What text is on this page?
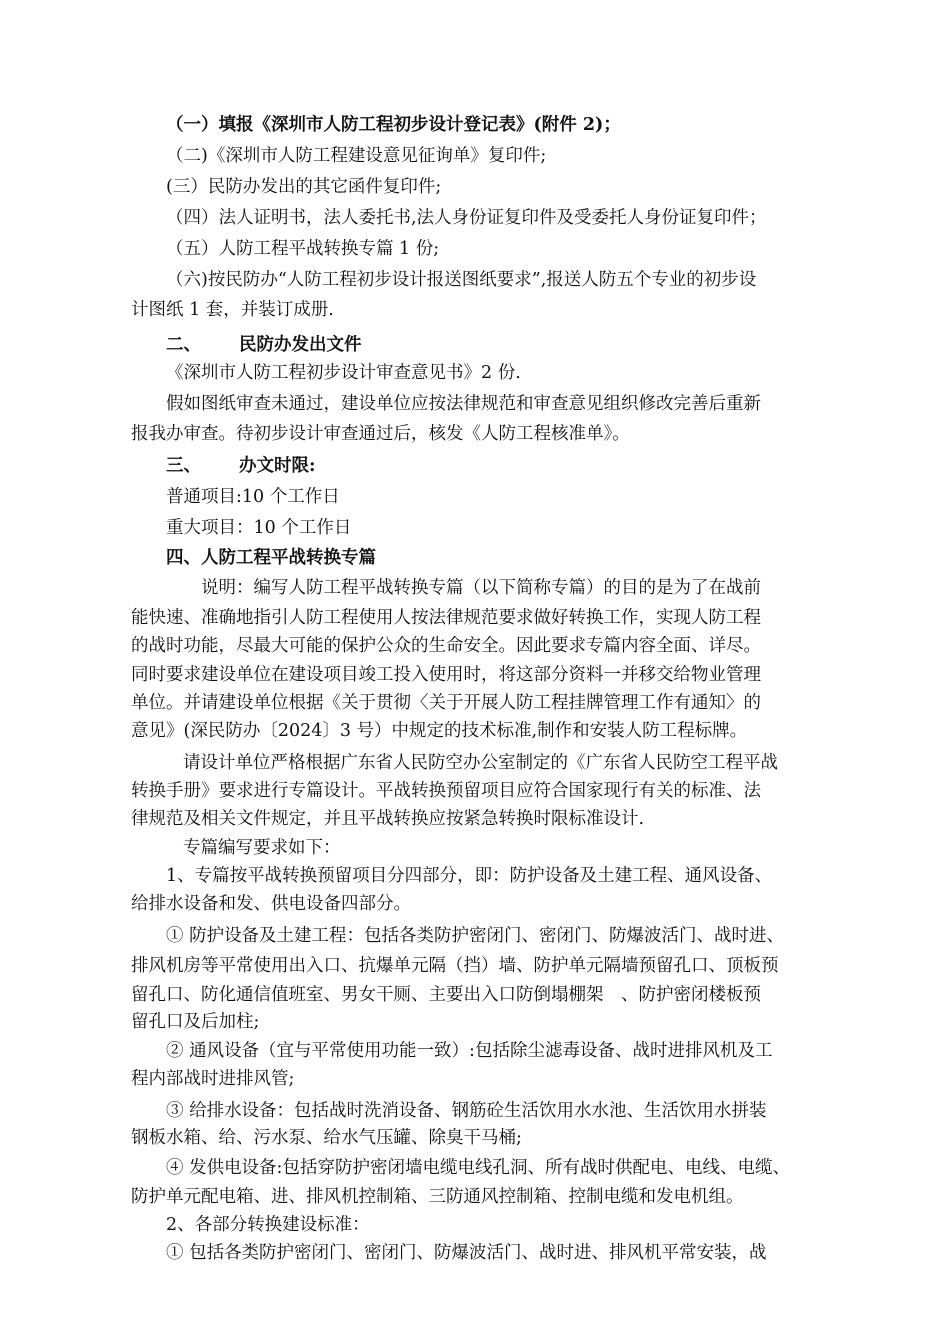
（一）填报《深圳市人防工程初步设计登记表》(附件 2)；
（二)《深圳市人防工程建设意见征询单》复印件;
(三）民防办发出的其它函件复印件;
（四）法人证明书，法人委托书,法人身份证复印件及受委托人身份证复印件；
（五）人防工程平战转换专篇 1 份;
（六)按民防办“人防工程初步设计报送图纸要求”,报送人防五个专业的初步设
计图纸 1 套，并装订成册.
二、 民防办发出文件
《深圳市人防工程初步设计审查意见书》2 份.
假如图纸审查未通过，建设单位应按法律规范和审查意见组织修改完善后重新
报我办审查。待初步设计审查通过后，核发《人防工程核准单》。
三、 办文时限:
普通项目:10 个工作日
重大项目：10 个工作日
四、人防工程平战转换专篇
说明：编写人防工程平战转换专篇（以下简称专篇）的目的是为了在战前
能快速、准确地指引人防工程使用人按法律规范要求做好转换工作，实现人防工程
的战时功能，尽最大可能的保护公众的生命安全。因此要求专篇内容全面、详尽。
同时要求建设单位在建设项目竣工投入使用时，将这部分资料一并移交给物业管理
单位。并请建设单位根据《关于贯彻〈关于开展人防工程挂牌管理工作有通知〉的
意见》(深民防办〔2024〕3 号）中规定的技术标准,制作和安装人防工程标牌。
请设计单位严格根据广东省人民防空办公室制定的《广东省人民防空工程平战
转换手册》要求进行专篇设计。平战转换预留项目应符合国家现行有关的标准、法
律规范及相关文件规定，并且平战转换应按紧急转换时限标准设计.
专篇编写要求如下：
1、专篇按平战转换预留项目分四部分，即：防护设备及土建工程、通风设备、
给排水设备和发、供电设备四部分。
① 防护设备及土建工程：包括各类防护密闭门、密闭门、防爆波活门、战时进、
排风机房等平常使用出入口、抗爆单元隔（挡）墙、防护单元隔墙预留孔口、顶板预
留孔口、防化通信值班室、男女干厕、主要出入口防倒塌棚架　、防护密闭楼板预
留孔口及后加柱;
② 通风设备（宜与平常使用功能一致）:包括除尘滤毒设备、战时进排风机及工
程内部战时进排风管;
③ 给排水设备：包括战时洗消设备、钢筋砼生活饮用水水池、生活饮用水拼装
钢板水箱、给、污水泵、给水气压罐、除臭干马桶;
④ 发供电设备:包括穿防护密闭墙电缆电线孔洞、所有战时供配电、电线、电缆、
防护单元配电箱、进、排风机控制箱、三防通风控制箱、控制电缆和发电机组。
2、各部分转换建设标准：
① 包括各类防护密闭门、密闭门、防爆波活门、战时进、排风机平常安装，战
